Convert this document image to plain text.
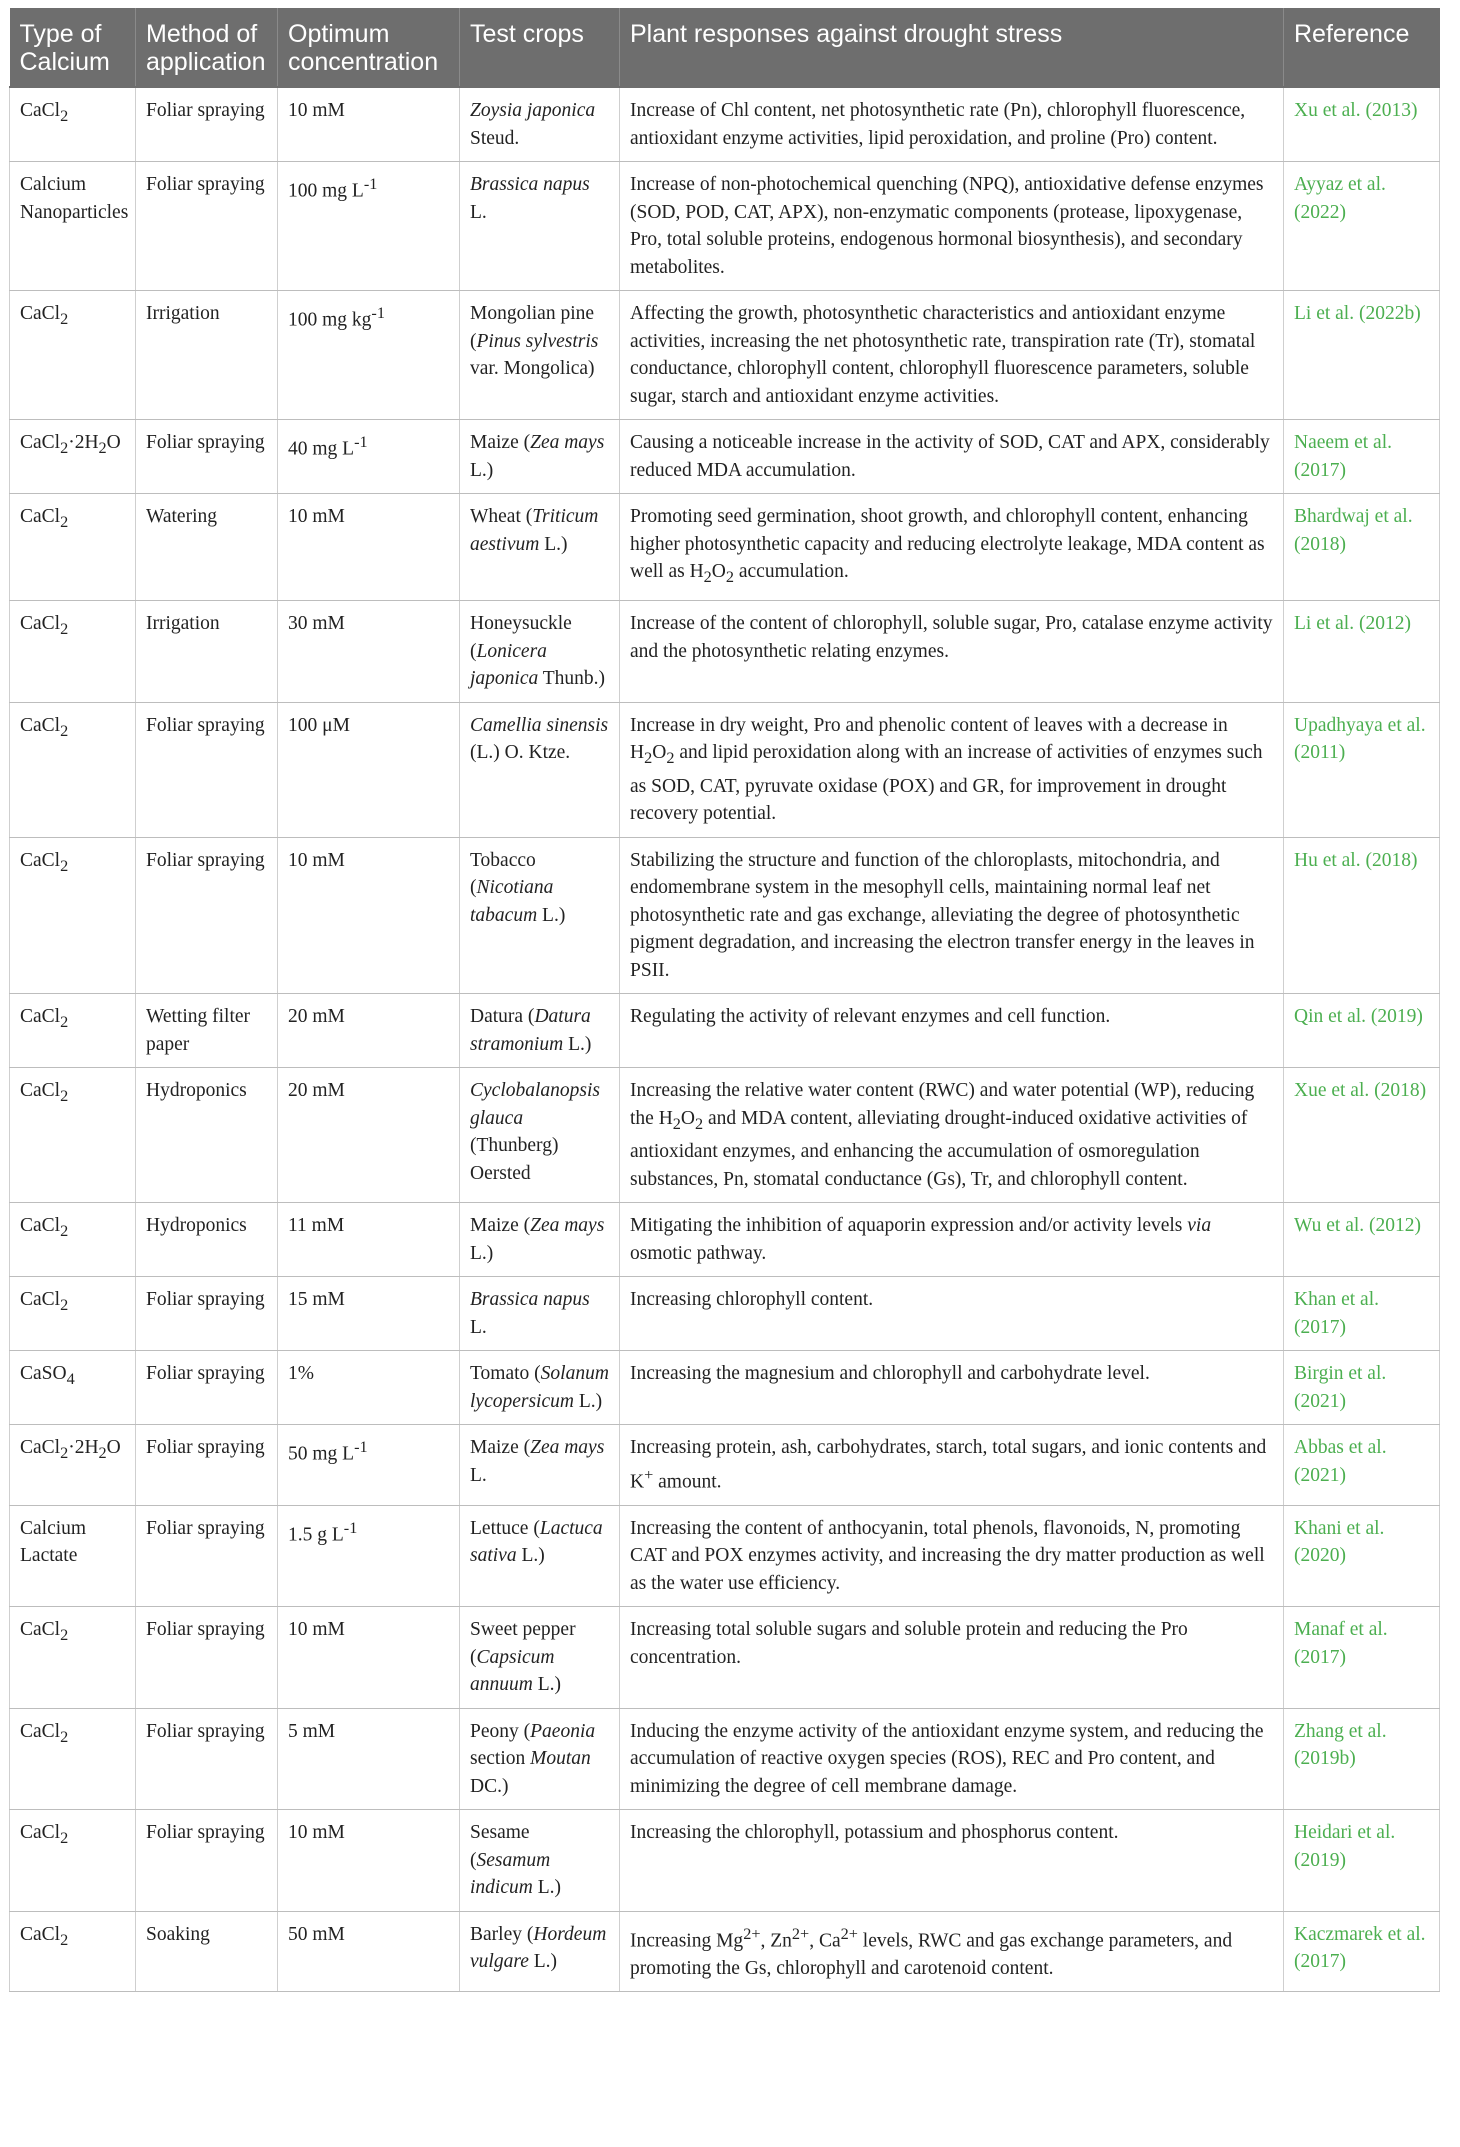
Type of Calcium	Method of application	Optimum concentration	Test crops	Plant responses against drought stress	Reference
CaCl$_2$	Foliar spraying	10 mM	Zoysia japonica Steud.	Increase of Chl content, net photosynthetic rate (Pn), chlorophyll fluorescence, antioxidant enzyme activities, lipid peroxidation, and proline (Pro) content.	Xu et al. (2013)
Calcium Nanoparticles	Foliar spraying	100 mg $L^{-1}$	Brassica napus L.	Increase of non-photochemical quenching (NPQ), antioxidative defense enzymes (SOD, POD, CAT, APX), non-enzymatic components (protease, lipoxygenase, Pro, total soluble proteins, endogenous hormonal biosynthesis), and secondary metabolites.	Ayyaz et al. (2022)
CaCl$_2$	Irrigation	100 mg $kg^{-1}$	Mongolian pine (Pinus sylvestris var. Mongolica)	Affecting the growth, photosynthetic characteristics and antioxidant enzyme activities, increasing the net photosynthetic rate, transpiration rate (Tr), stomatal conductance, chlorophyll content, chlorophyll fluorescence parameters, soluble sugar, starch and antioxidant enzyme activities.	Li et al. (2022b)
$CaCl_2\cdot 2H_2O$	Foliar spraying	40 mg $L^{-1}$	Maize (Zea mays L.)	Causing a noticeable increase in the activity of SOD, CAT and APX, considerably reduced MDA accumulation.	Naeem et al. (2017)
CaCl$_2$	Watering	10 mM	Wheat (Triticum aestivum L.)	Promoting seed germination, shoot growth, and chlorophyll content, enhancing higher photosynthetic capacity and reducing electrolyte leakage, MDA content as well as $H_2O_2$ accumulation.	Bhardwaj et al. (2018)
CaCl$_2$	Irrigation	30 mM	Honeysuckle (Lonicera japonica Thunb.)	Increase of the content of chlorophyll, soluble sugar, Pro, catalase enzyme activity and the photosynthetic relating enzymes.	Li et al. (2012)
CaCl$_2$	Foliar spraying	100 μM	Camellia sinensis (L.) O. Ktze.	Increase in dry weight, Pro and phenolic content of leaves with a decrease in $H_2O_2$ and lipid peroxidation along with an increase of activities of enzymes such as SOD, CAT, pyruvate oxidase (POX) and GR, for improvement in drought recovery potential.	Upadhyaya et al. (2011)
CaCl$_2$	Foliar spraying	10 mM	Tobacco (Nicotiana tabacum L.)	Stabilizing the structure and function of the chloroplasts, mitochondria, and endomembrane system in the mesophyll cells, maintaining normal leaf net photosynthetic rate and gas exchange, alleviating the degree of photosynthetic pigment degradation, and increasing the electron transfer energy in the leaves in PSII.	Hu et al. (2018)
CaCl$_2$	Wetting filter paper	20 mM	Datura (Datura stramonium L.)	Regulating the activity of relevant enzymes and cell function.	Qin et al. (2019)
CaCl$_2$	Hydroponics	20 mM	Cyclobalanopsis glauca (Thunberg) Oersted	Increasing the relative water content (RWC) and water potential (WP), reducing the $H_2O_2$ and MDA content, alleviating drought-induced oxidative activities of antioxidant enzymes, and enhancing the accumulation of osmoregulation substances, Pn, stomatal conductance (Gs), Tr, and chlorophyll content.	Xue et al. (2018)
CaCl$_2$	Hydroponics	11 mM	Maize (Zea mays L.)	Mitigating the inhibition of aquaporin expression and/or activity levels via osmotic pathway.	Wu et al. (2012)
CaCl$_2$	Foliar spraying	15 mM	Brassica napus L.	Increasing chlorophyll content.	Khan et al. (2017)
CaSO$_4$	Foliar spraying	1%	Tomato (Solanum lycopersicum L.)	Increasing the magnesium and chlorophyll and carbohydrate level.	Birgin et al. (2021)
$CaCl_2\cdot 2H_2O$	Foliar spraying	50 mg $L^{-1}$	Maize (Zea mays L.	Increasing protein, ash, carbohydrates, starch, total sugars, and ionic contents and K+ amount.	Abbas et al. (2021)
Calcium Lactate	Foliar spraying	1.5 g $L^{-1}$	Lettuce (Lactuca sativa L.)	Increasing the content of anthocyanin, total phenols, flavonoids, N, promoting CAT and POX enzymes activity, and increasing the dry matter production as well as the water use efficiency.	Khani et al. (2020)
CaCl$_2$	Foliar spraying	10 mM	Sweet pepper (Capsicum annuum L.)	Increasing total soluble sugars and soluble protein and reducing the Pro concentration.	Manaf et al. (2017)
CaCl$_2$	Foliar spraying	5 mM	Peony (Paeonia section Moutan DC.)	Inducing the enzyme activity of the antioxidant enzyme system, and reducing the accumulation of reactive oxygen species (ROS), REC and Pro content, and minimizing the degree of cell membrane damage.	Zhang et al. (2019b)
CaCl$_2$	Foliar spraying	10 mM	Sesame (Sesamum indicum L.)	Increasing the chlorophyll, potassium and phosphorus content.	Heidari et al. (2019)
CaCl$_2$	Soaking	50 mM	Barley (Hordeum vulgare L.)	Increasing $Mg^{2+}$, $Zn^{2+}$, $Ca^{2+}$ levels, RWC and gas exchange parameters, and promoting the Gs, chlorophyll and carotenoid content.	Kaczmarek et al. (2017)
